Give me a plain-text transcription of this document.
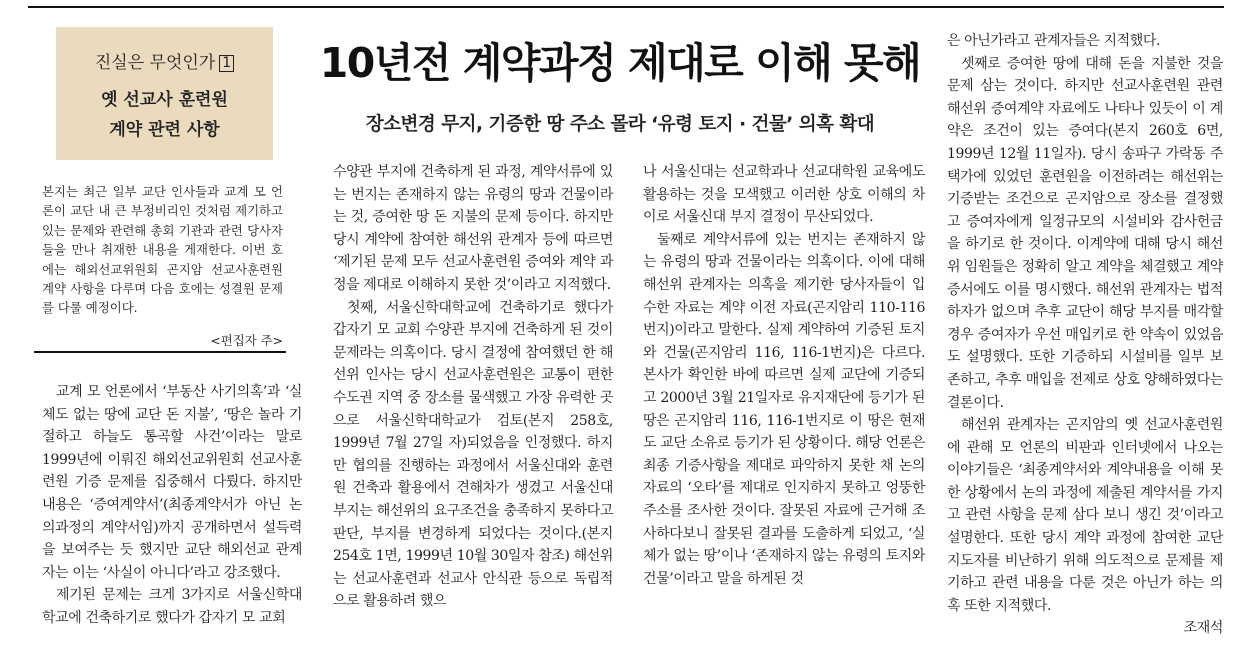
진실은 무엇인가 1
옛 선교사 훈련원
계약 관련 사항
본지는 최근 일부 교단 인사들과 교계 모 언론이 교단 내 큰 부정비리인 것처럼 제기하고 있는 문제와 관련해 총회 기관과 관련 당사자들을 만나 취재한 내용을 게재한다. 이번 호에는 해외선교위원회 곤지암 선교사훈련원 계약 사항을 다루며 다음 호에는 성결원 문제를 다룰 예정이다.
<편집자 주>
10년전 계약과정 제대로 이해 못해
장소변경 무지, 기증한 땅 주소 몰라 ‘유령 토지 · 건물’ 의혹 확대

교계 모 언론에서 ‘부동산 사기의혹’과 ‘실체도 없는 땅에 교단 돈 지불’, ‘땅은 놀라 기절하고 하늘도 통곡할 사건’이라는 말로 1999년에 이뤄진 해외선교위원회 선교사훈련원 기증 문제를 집중해서 다뤘다. 하지만 내용은 ‘증여계약서’(최종계약서가 아닌 논의과정의 계약서임)까지 공개하면서 설득력을 보여주는 듯 했지만 교단 해외선교 관계자는 이는 ‘사실이 아니다’라고 강조했다.

제기된 문제는 크게 3가지로 서울신학대학교에 건축하기로 했다가 갑자기 모 교회

수양관 부지에 건축하게 된 과정, 계약서류에 있는 번지는 존재하지 않는 유령의 땅과 건물이라는 것, 증여한 땅 돈 지불의 문제 등이다. 하지만 당시 계약에 참여한 해선위 관계자 등에 따르면 ‘제기된 문제 모두 선교사훈련원 증여와 계약 과정을 제대로 이해하지 못한 것’이라고 지적했다.

첫째, 서울신학대학교에 건축하기로 했다가 갑자기 모 교회 수양관 부지에 건축하게 된 것이 문제라는 의혹이다. 당시 결정에 참여했던 한 해선위 인사는 당시 선교사훈련원은 교통이 편한 수도권 지역 중 장소를 물색했고 가장 유력한 곳으로 서울신학대학교가 검토(본지 258호, 1999년 7월 27일 자)되었음을 인정했다. 하지만 협의를 진행하는 과정에서 서울신대와 훈련원 건축과 활용에서 견해차가 생겼고 서울신대 부지는 해선위의 요구조건을 충족하지 못하다고 판단, 부지를 변경하게 되었다는 것이다.(본지 254호 1면, 1999년 10월 30일자 참조) 해선위는 선교사훈련과 선교사 안식관 등으로 독립적으로 활용하려 했으

나 서울신대는 선교학과나 선교대학원 교육에도 활용하는 것을 모색했고 이러한 상호 이해의 차이로 서울신대 부지 결정이 무산되었다.

둘째로 계약서류에 있는 번지는 존재하지 않는 유령의 땅과 건물이라는 의혹이다. 이에 대해 해선위 관계자는 의혹을 제기한 당사자들이 입수한 자료는 계약 이전 자료(곤지암리 110-116번지)이라고 말한다. 실제 계약하여 기증된 토지와 건물(곤지암리 116, 116-1번지)은 다르다. 본사가 확인한 바에 따르면 실제 교단에 기증되고 2000년 3월 21일자로 유지재단에 등기가 된 땅은 곤지암리 116, 116-1번지로 이 땅은 현재도 교단 소유로 등기가 된 상황이다. 해당 언론은 최종 기증사항을 제대로 파악하지 못한 채 논의 자료의 ‘오타’를 제대로 인지하지 못하고 엉뚱한 주소를 조사한 것이다. 잘못된 자료에 근거해 조사하다보니 잘못된 결과를 도출하게 되었고, ‘실체가 없는 땅’이나 ‘존재하지 않는 유령의 토지와 건물’이라고 말을 하게된 것

은 아닌가라고 관계자들은 지적했다.

셋째로 증여한 땅에 대해 돈을 지불한 것을 문제 삼는 것이다. 하지만 선교사훈련원 관련 해선위 증여계약 자료에도 나타나 있듯이 이 계약은 조건이 있는 증여다(본지 260호 6면, 1999년 12월 11일자). 당시 송파구 가락동 주택가에 있었던 훈련원을 이전하려는 해선위는 기증받는 조건으로 곤지암으로 장소를 결정했고 증여자에게 일정규모의 시설비와 감사헌금을 하기로 한 것이다. 이계약에 대해 당시 해선위 임원들은 정확히 알고 계약을 체결했고 계약증서에도 이를 명시했다. 해선위 관계자는 법적 하자가 없으며 추후 교단이 해당 부지를 매각할 경우 증여자가 우선 매입키로 한 약속이 있었음도 설명했다. 또한 기증하되 시설비를 일부 보존하고, 추후 매입을 전제로 상호 양해하였다는 결론이다.

해선위 관계자는 곤지암의 옛 선교사훈련원에 관해 모 언론의 비판과 인터넷에서 나오는 이야기들은 ‘최종계약서와 계약내용을 이해 못한 상황에서 논의 과정에 제출된 계약서를 가지고 관련 사항을 문제 삼다 보니 생긴 것’이라고 설명한다. 또한 당시 계약 과정에 참여한 교단 지도자를 비난하기 위해 의도적으로 문제를 제기하고 관련 내용을 다룬 것은 아닌가 하는 의혹 또한 지적했다.

조재석
